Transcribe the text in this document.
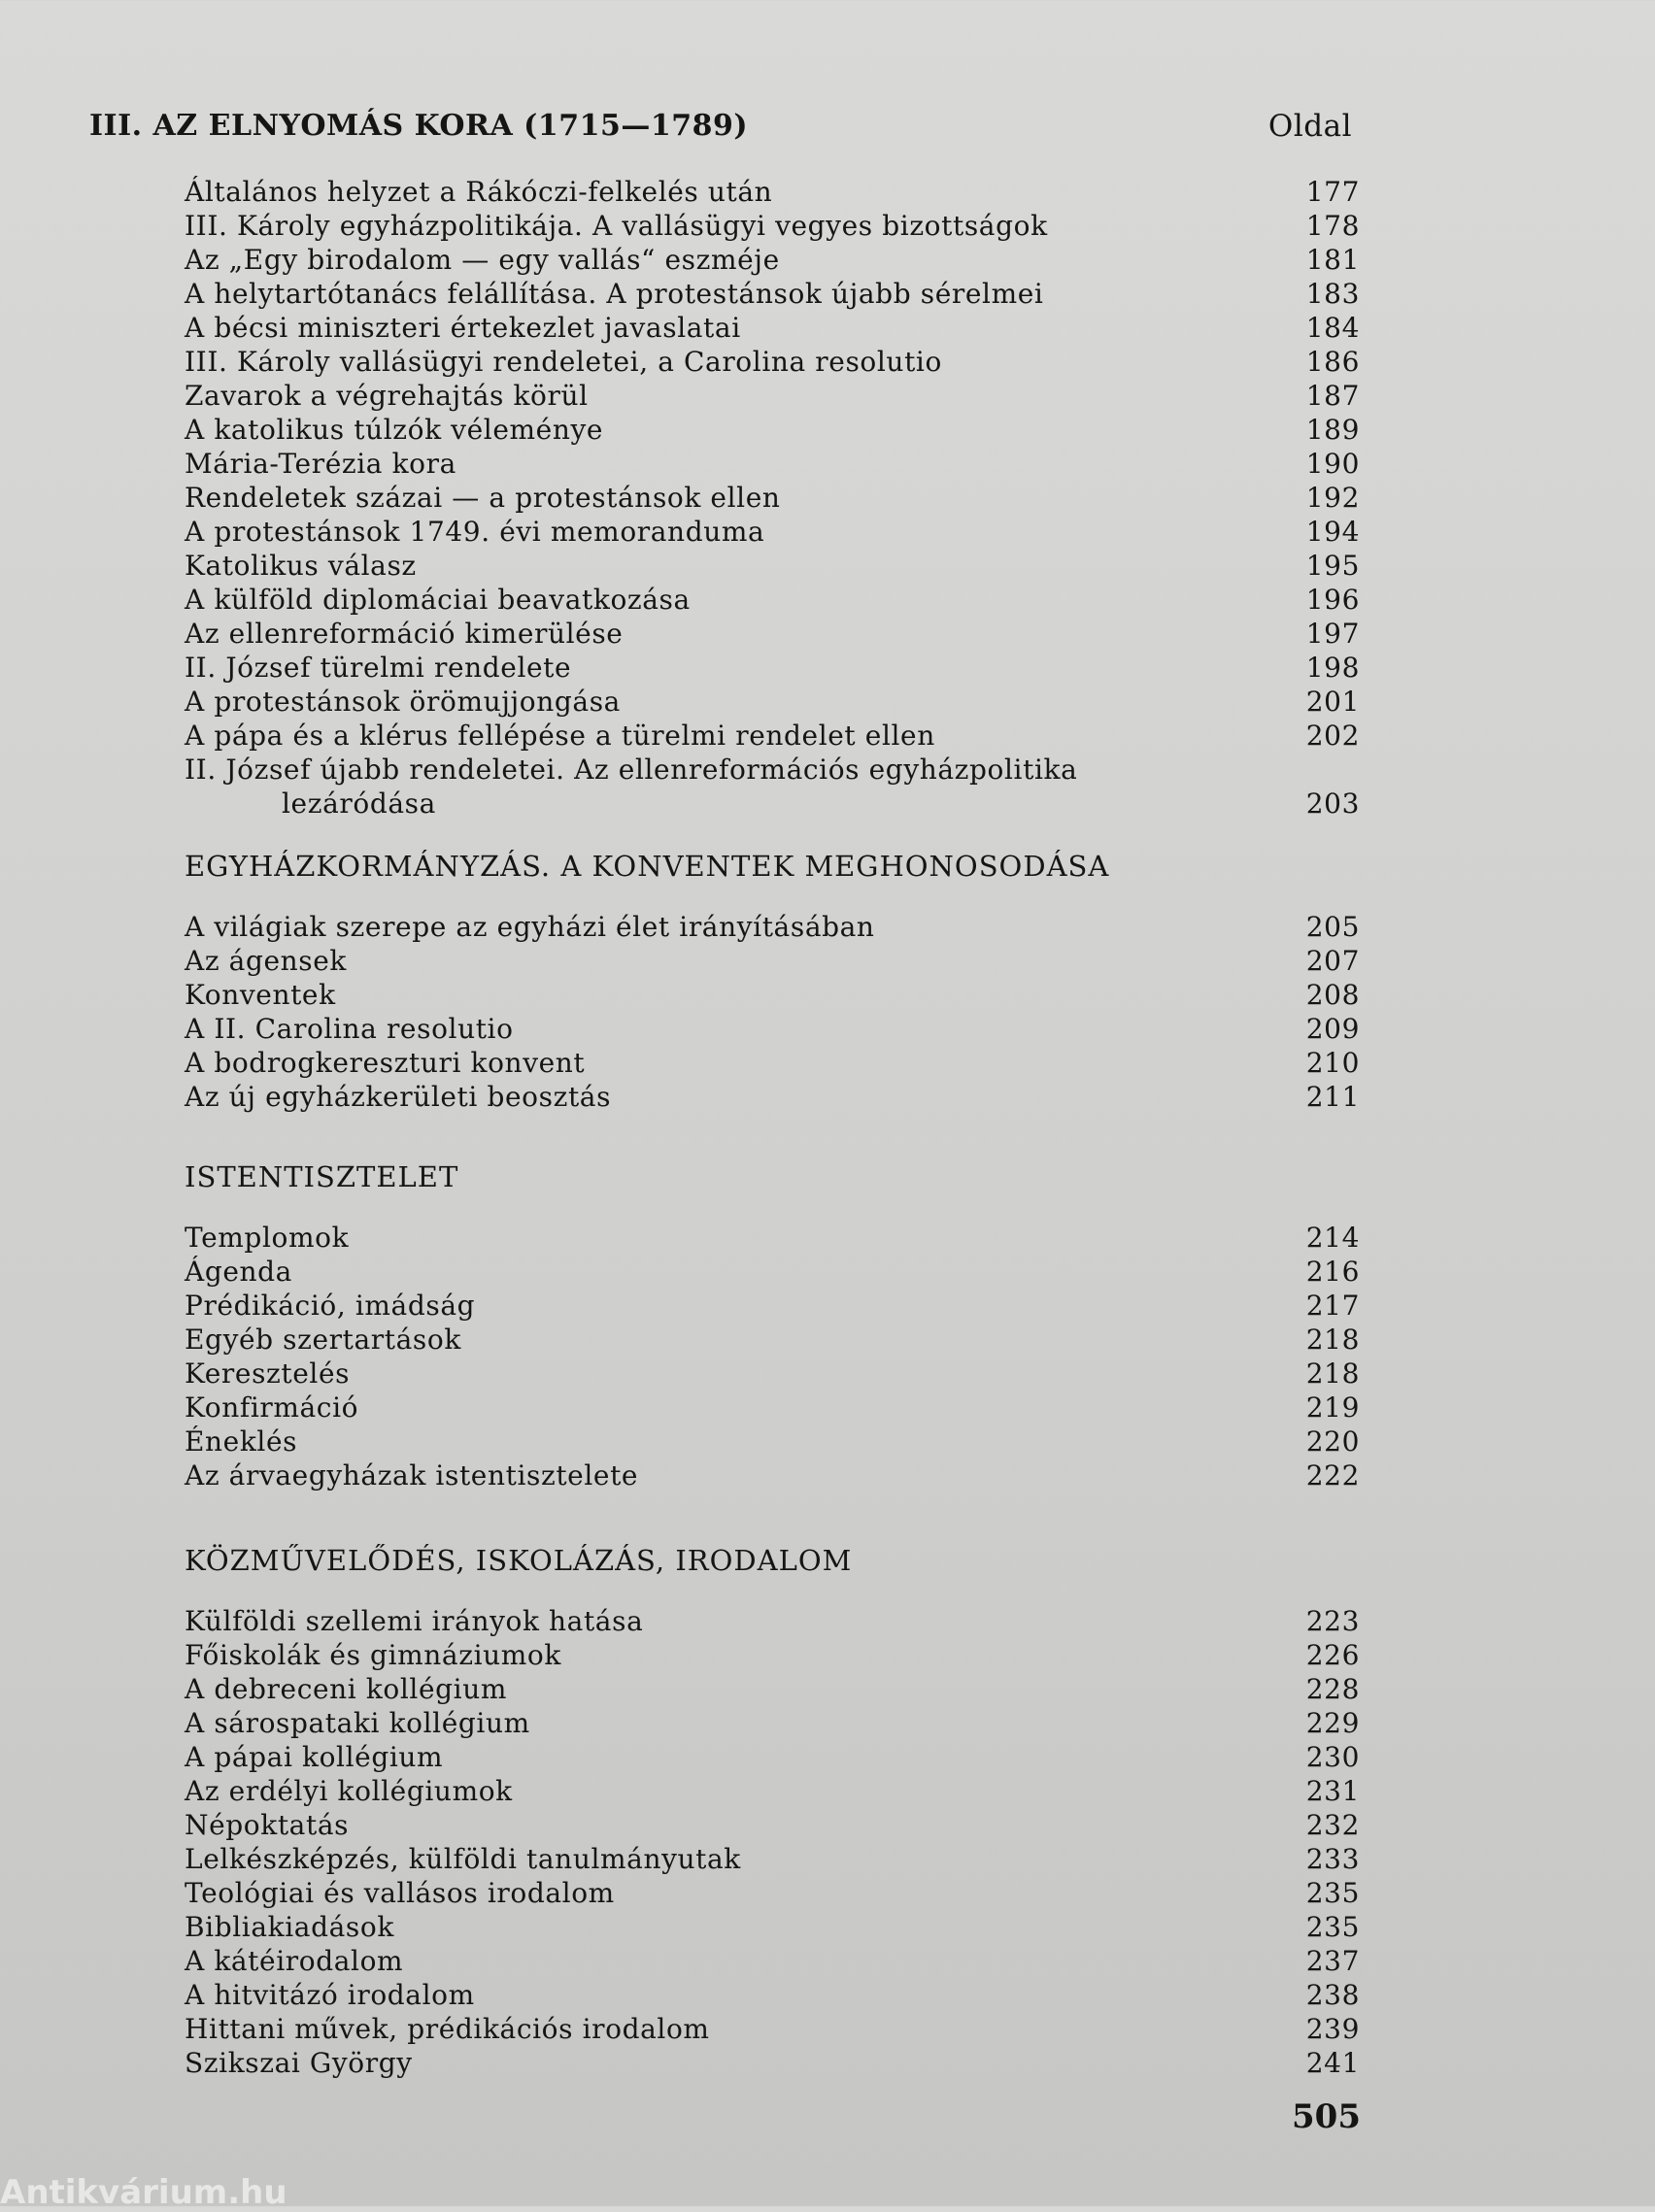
III. AZ ELNYOMÁS KORA (1715—1789)	Oldal
Általános helyzet a Rákóczi-felkelés után	177
III. Károly egyházpolitikája. A vallásügyi vegyes bizottságok	178
Az „Egy birodalom — egy vallás“ eszméje	181
A helytartótanács felállítása. A protestánsok újabb sérelmei	183
A bécsi miniszteri értekezlet javaslatai	184
III. Károly vallásügyi rendeletei, a Carolina resolutio	186
Zavarok a végrehajtás körül	187
A katolikus túlzók véleménye	189
Mária-Terézia kora	190
Rendeletek százai — a protestánsok ellen	192
A protestánsok 1749. évi memoranduma	194
Katolikus válasz	195
A külföld diplomáciai beavatkozása	196
Az ellenreformáció kimerülése	197
II. József türelmi rendelete	198
A protestánsok örömujjongása	201
A pápa és a klérus fellépése a türelmi rendelet ellen	202
II. József újabb rendeletei. Az ellenreformációs egyházpolitika
lezáródása	203
EGYHÁZKORMÁNYZÁS. A KONVENTEK MEGHONOSODÁSA
A világiak szerepe az egyházi élet irányításában	205
Az ágensek	207
Konventek	208
A II. Carolina resolutio	209
A bodrogkereszturi konvent	210
Az új egyházkerületi beosztás	211
ISTENTISZTELET
Templomok	214
Ágenda	216
Prédikáció, imádság	217
Egyéb szertartások	218
Keresztelés	218
Konfirmáció	219
Éneklés	220
Az árvaegyházak istentisztelete	222
KÖZMŰVELŐDÉS, ISKOLÁZÁS, IRODALOM
Külföldi szellemi irányok hatása	223
Főiskolák és gimnáziumok	226
A debreceni kollégium	228
A sárospataki kollégium	229
A pápai kollégium	230
Az erdélyi kollégiumok	231
Népoktatás	232
Lelkészképzés, külföldi tanulmányutak	233
Teológiai és vallásos irodalom	235
Bibliakiadások	235
A kátéirodalom	237
A hitvitázó irodalom	238
Hittani művek, prédikációs irodalom	239
Szikszai György	241
505
Antikvárium.hu
